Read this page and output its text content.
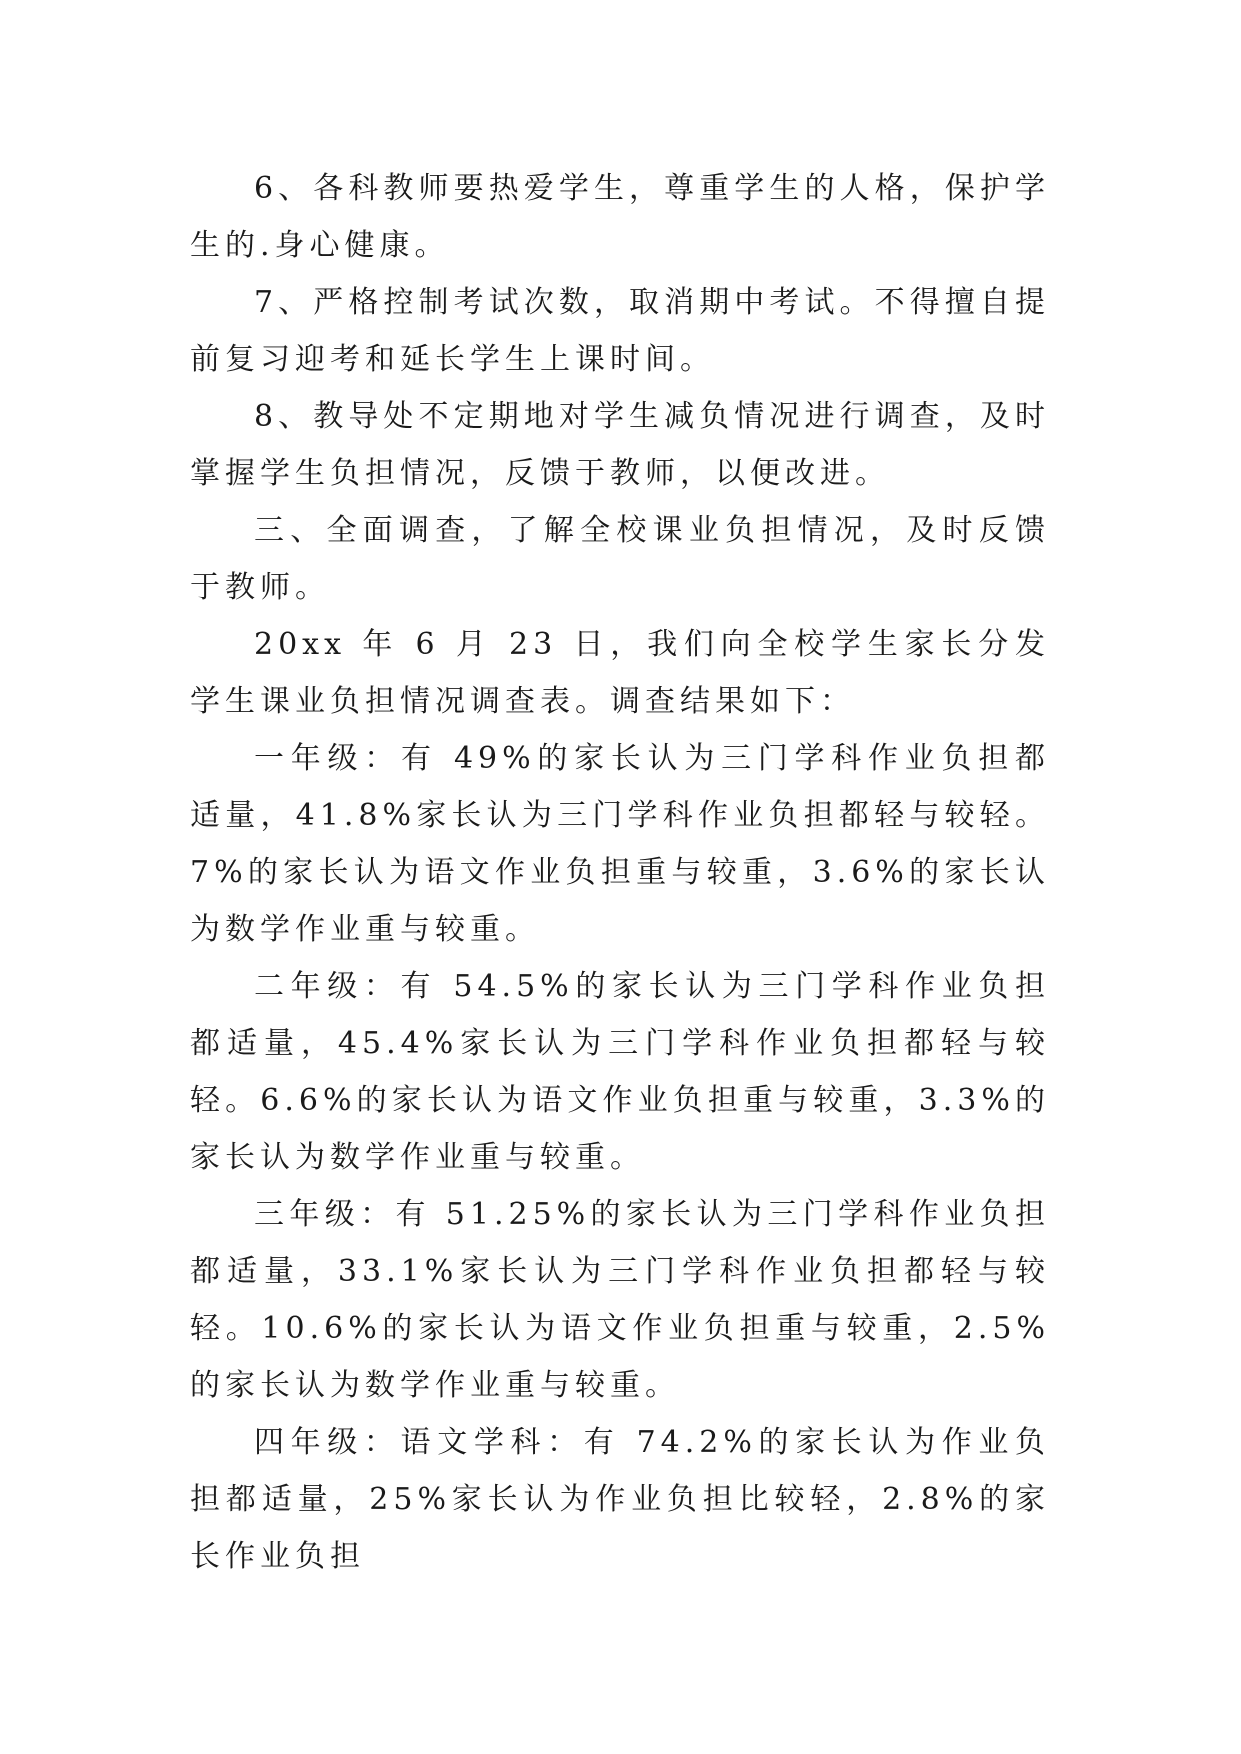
6、各科教师要热爱学生，尊重学生的人格，保护学生的.身心健康。

7、严格控制考试次数，取消期中考试。不得擅自提前复习迎考和延长学生上课时间。

8、教导处不定期地对学生减负情况进行调查，及时掌握学生负担情况，反馈于教师，以便改进。

三、全面调查，了解全校课业负担情况，及时反馈于教师。

20xx 年 6 月 23 日，我们向全校学生家长分发学生课业负担情况调查表。调查结果如下：

一年级：有 49%的家长认为三门学科作业负担都适量，41.8%家长认为三门学科作业负担都轻与较轻。7%的家长认为语文作业负担重与较重，3.6%的家长认为数学作业重与较重。

二年级：有 54.5%的家长认为三门学科作业负担都适量，45.4%家长认为三门学科作业负担都轻与较轻。6.6%的家长认为语文作业负担重与较重，3.3%的家长认为数学作业重与较重。

三年级：有 51.25%的家长认为三门学科作业负担都适量，33.1%家长认为三门学科作业负担都轻与较轻。10.6%的家长认为语文作业负担重与较重，2.5%的家长认为数学作业重与较重。

四年级：语文学科：有 74.2%的家长认为作业负担都适量，25%家长认为作业负担比较轻，2.8%的家长作业负担
